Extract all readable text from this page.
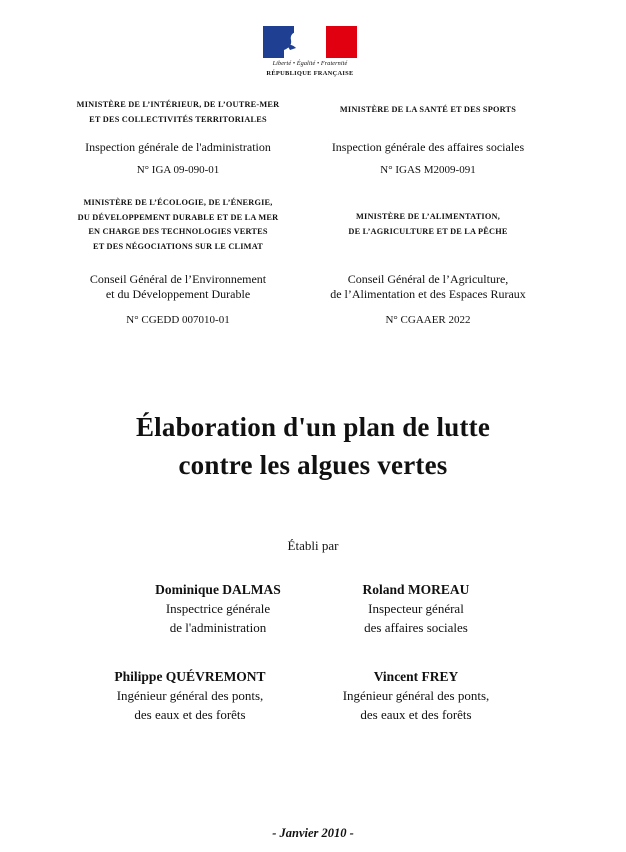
Liberté • Égalité • Fraternité
RÉPUBLIQUE FRANÇAISE
MINISTÈRE DE L’INTÉRIEUR, DE L’OUTRE-MER
ET DES COLLECTIVITÉS TERRITORIALES
Inspection générale de l'administration
N° IGA 09-090-01
MINISTÈRE DE LA SANTÉ ET DES SPORTS
Inspection générale des affaires sociales
N° IGAS M2009-091
MINISTÈRE DE L’ÉCOLOGIE, DE L’ÉNERGIE,
DU DÉVELOPPEMENT DURABLE ET DE LA MER
EN CHARGE DES TECHNOLOGIES VERTES
ET DES NÉGOCIATIONS SUR LE CLIMAT
Conseil Général de l’Environnement
et du Développement Durable
N° CGEDD 007010-01
MINISTÈRE DE L’ALIMENTATION,
DE L’AGRICULTURE ET DE LA PÊCHE
Conseil Général de l’Agriculture,
de l’Alimentation et des Espaces Ruraux
N° CGAAER 2022
Élaboration d'un plan de lutte
contre les algues vertes
Établi par
Dominique DALMAS
Inspectrice générale
de l'administration
Roland MOREAU
Inspecteur général
des affaires sociales
Philippe QUÉVREMONT
Ingénieur général des ponts,
des eaux et des forêts
Vincent FREY
Ingénieur général des ponts,
des eaux et des forêts
- Janvier 2010 -
